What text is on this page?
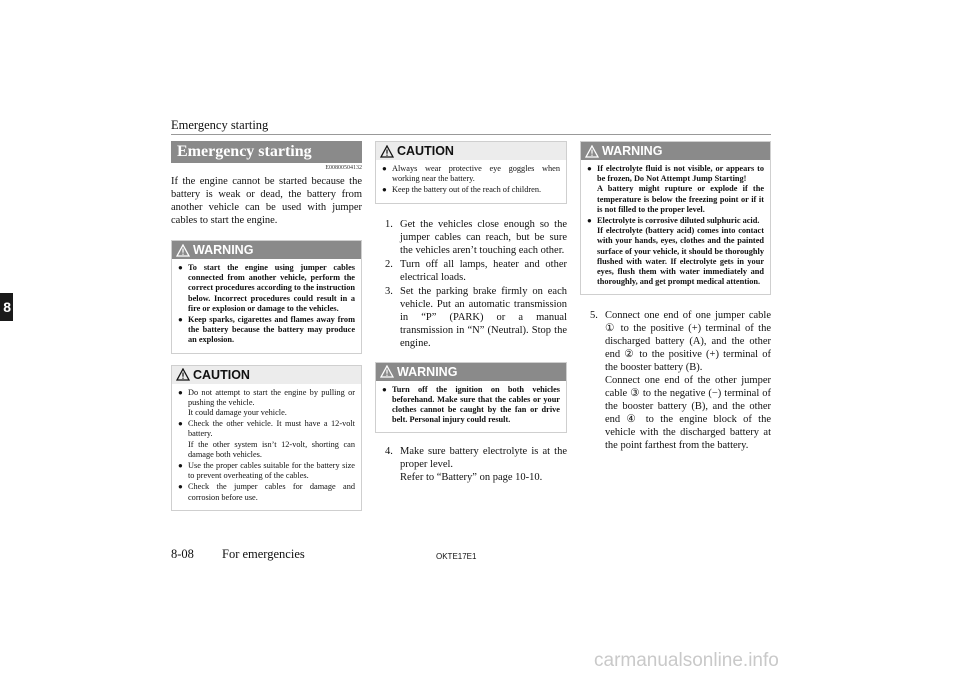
Emergency starting
8
Emergency starting
E00800504132
If the engine cannot be started because the battery is weak or dead, the battery from another vehicle can be used with jumper cables to start the engine.
WARNING
● To start the engine using jumper cables connected from another vehicle, perform the correct procedures according to the instruction below. Incorrect procedures could result in a fire or explosion or damage to the vehicles.
● Keep sparks, cigarettes and flames away from the battery because the battery may produce an explosion.
CAUTION
● Do not attempt to start the engine by pulling or pushing the vehicle.

It could damage your vehicle.

● Check the other vehicle. It must have a 12-volt battery.

If the other system isn’t 12-volt, shorting can damage both vehicles.

● Use the proper cables suitable for the battery size to prevent overheating of the cables.

● Check the jumper cables for damage and corrosion before use.

CAUTION
● Always wear protective eye goggles when working near the battery.
● Keep the battery out of the reach of children.
1. Get the vehicles close enough so the jumper cables can reach, but be sure the vehicles aren’t touching each other.
2. Turn off all lamps, heater and other electrical loads.
3. Set the parking brake firmly on each vehicle. Put an automatic transmission in “P” (PARK) or a manual transmission in “N” (Neutral). Stop the engine.
WARNING
● Turn off the ignition on both vehicles beforehand. Make sure that the cables or your clothes cannot be caught by the fan or drive belt. Personal injury could result.
4. Make sure battery electrolyte is at the proper level.

Refer to “Battery” on page 10-10.

WARNING
● If electrolyte fluid is not visible, or appears to be frozen, Do Not Attempt Jump Starting!

A battery might rupture or explode if the temperature is below the freezing point or if it is not filled to the proper level.

● Electrolyte is corrosive diluted sulphuric acid.

If electrolyte (battery acid) comes into contact with your hands, eyes, clothes and the painted surface of your vehicle, it should be thoroughly flushed with water. If electrolyte gets in your eyes, flush them with water immediately and thoroughly, and get prompt medical attention.

5. Connect one end of one jumper cable ① to the positive (+) terminal of the discharged battery (A), and the other end ② to the positive (+) terminal of the booster battery (B).

Connect one end of the other jumper cable ③ to the negative (−) terminal of the booster battery (B), and the other end ④ to the engine block of the vehicle with the discharged battery at the point farthest from the battery.

8-08 For emergencies	OKTE17E1
carmanualsonline.info
